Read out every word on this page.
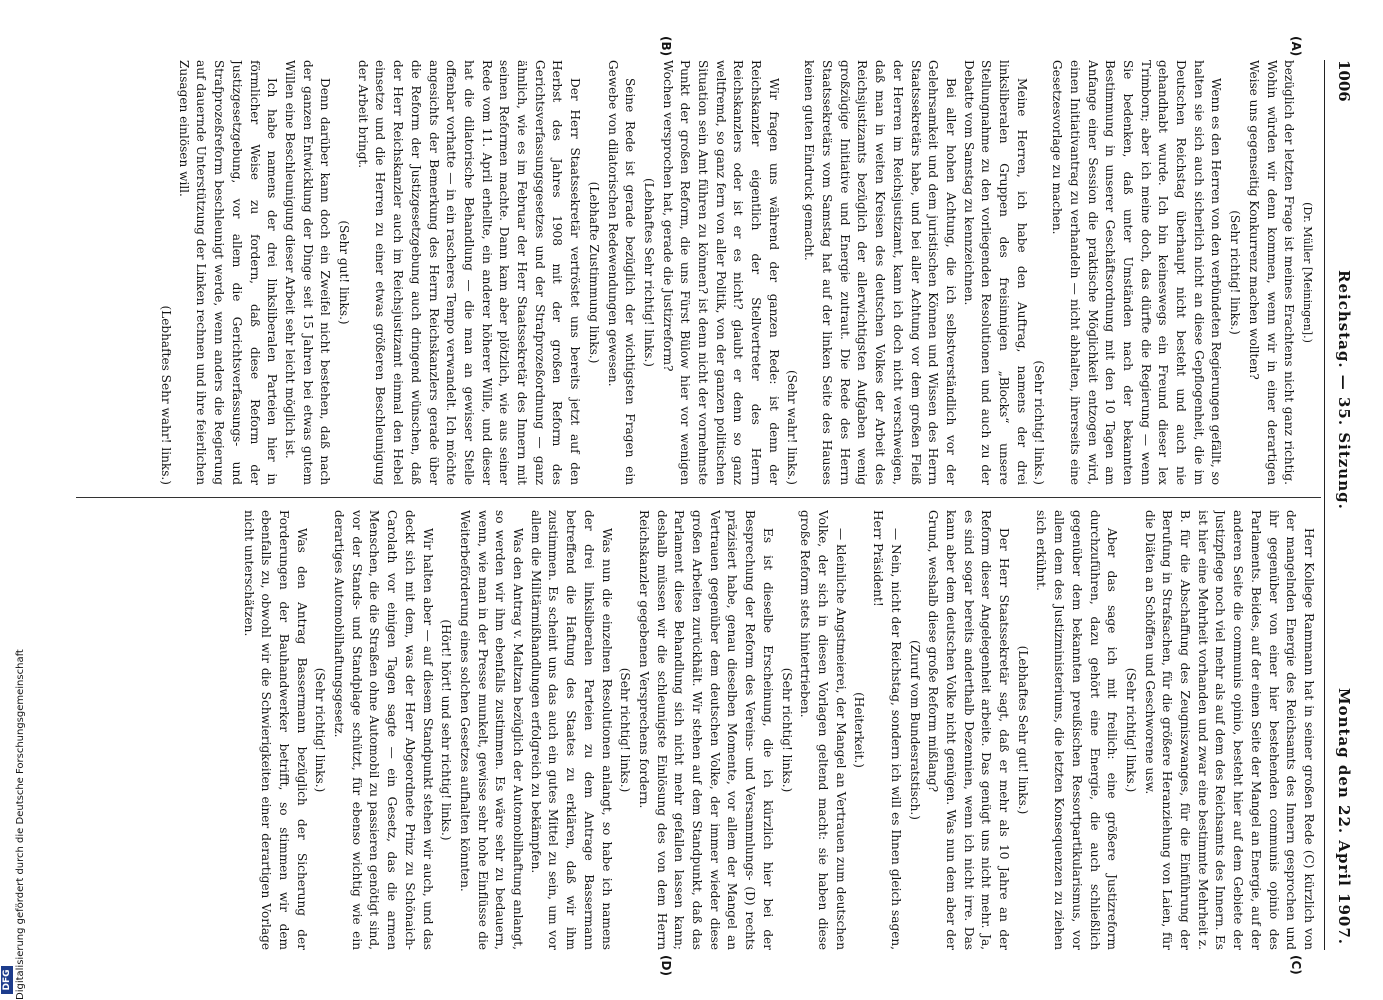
1006
Reichstag. — 35. Sitzung.
Montag den 22. April 1907.
(A)
(B)
(C)
(D)
(Dr. Müller [Meiningen].)

bezüglich der letzten Frage ist meines Erachtens nicht ganz richtig. Wohin würden wir denn kommen, wenn wir in einer derartigen Weise uns gegenseitig Konkurrenz machen wollten?

(Sehr richtig! links.)

Wenn es den Herren von den verbündeten Regierungen gefällt, so halten sie sich auch sicherlich nicht an diese Gepflogenheit, die im Deutschen Reichstag überhaupt nicht besteht und auch nie gehandhabt wurde. Ich bin keineswegs ein Freund dieser lex Trimborn; aber ich meine doch, das dürfte die Regierung — wenn Sie bedenken, daß unter Umständen nach der bekannten Bestimmung in unserer Geschäftsordnung mit den 10 Tagen am Anfange einer Session die praktische Möglichkeit entzogen wird, einen Initiativantrag zu verhandeln — nicht abhalten, ihrerseits eine Gesetzesvorlage zu machen.

(Sehr richtig! links.)

Meine Herren, ich habe den Auftrag, namens der drei linksliberalen Gruppen des freisinnigen „Blocks“ unsere Stellungnahme zu den vorliegenden Resolutionen und auch zu der Debatte vom Samstag zu kennzeichnen.

Bei aller hohen Achtung, die ich selbstverständlich vor der Gelehrsamkeit und dem juristischen Können und Wissen des Herrn Staatssekretärs habe, und bei aller Achtung vor dem großen Fleiß der Herren im Reichsjustizamt, kann ich doch nicht verschweigen, daß man in weiten Kreisen des deutschen Volkes der Arbeit des Reichsjustizamts bezüglich der allerwichtigsten Aufgaben wenig großzügige Initiative und Energie zutraut. Die Rede des Herrn Staatssekretärs vom Samstag hat auf der linken Seite des Hauses keinen guten Eindruck gemacht.

(Sehr wahr! links.)

Wir fragen uns während der ganzen Rede: ist denn der Reichskanzler eigentlich der Stellvertreter des Herrn Reichskanzlers oder ist er es nicht? glaubt er denn so ganz weltfremd, so ganz fern von aller Politik, von der ganzen politischen Situation sein Amt führen zu können? ist denn nicht der vornehmste Punkt der großen Reform, die uns Fürst Bülow hier vor wenigen Wochen versprochen hat, gerade die Justizreform?

(Lebhaftes Sehr richtig! links.)

Seine Rede ist gerade bezüglich der wichtigsten Fragen ein Gewebe von dilatorischen Redewendungen gewesen.

(Lebhafte Zustimmung links.)

Der Herr Staatssekretär vertröstet uns bereits jetzt auf den Herbst des Jahres 1908 mit der großen Reform des Gerichtsverfassungsgesetzes und der Strafprozeßordnung — ganz ähnlich, wie es im Februar der Herr Staatssekretär des Innern mit seinen Reformen machte. Dann kam aber plötzlich, wie aus seiner Rede vom 11. April erhellte, ein anderer höherer Wille, und dieser hat die dilatorische Behandlung — die man an gewisser Stelle offenbar vorhatte — in ein rascheres Tempo verwandelt. Ich möchte angesichts der Bemerkung des Herrn Reichskanzlers gerade über die Reform der Justizgesetzgebung auch dringend wünschen, daß der Herr Reichskanzler auch im Reichsjustizamt einmal den Hebel einsetze und die Herren zu einer etwas größeren Beschleunigung der Arbeit bringt.

(Sehr gut! links.)

Denn darüber kann doch ein Zweifel nicht bestehen, daß nach der ganzen Entwicklung der Dinge seit 15 Jahren bei etwas gutem Willen eine Beschleunigung dieser Arbeit sehr leicht möglich ist.

Ich habe namens der drei linksliberalen Parteien hier in förmlicher Weise zu fordern, daß diese Reform der Justizgesetzgebung, vor allem die Gerichtsverfassungs- und Strafprozeßreform beschleunigt werde, wenn anders die Regierung auf dauernde Unterstützung der Linken rechnen und ihre feierlichen Zusagen einlösen will.

(Lebhaftes Sehr wahr! links.)

Herr Kollege Rammann hat in seiner großen Rede (C) kürzlich von der mangelnden Energie des Reichsamts des Innern gesprochen und ihr gegenüber von einer hier bestehenden communis opinio des Parlaments. Beides, auf der einen Seite der Mangel an Energie, auf der anderen Seite die communis opinio, besteht hier auf dem Gebiete der Justizpflege noch viel mehr als auf dem des Reichsamts des Innern. Es ist hier eine Mehrheit vorhanden und zwar eine bestimmte Mehrheit z. B. für die Abschaffung des Zeugniszwanges, für die Einführung der Berufung in Strafsachen, für die größere Heranziehung von Laien, für die Diäten an Schöffen und Geschworene usw.

(Sehr richtig! links.)

Aber das sage ich mit freilich: eine größere Justizreform durchzuführen, dazu gehört eine Energie, die auch schließlich gegenüber dem bekannten preußischen Ressortpartikularismus, vor allem dem des Justizministeriums, die letzten Konsequenzen zu ziehen sich erkühnt.

(Lebhaftes Sehr gut! links.)

Der Herr Staatssekretär sagt, daß er mehr als 10 Jahre an der Reform dieser Angelegenheit arbeite. Das genügt uns nicht mehr. Ja, es sind sogar bereits anderthalb Dezennien, wenn ich nicht irre. Das kann aber dem deutschen Volke nicht genügen. Was nun dem aber der Grund, weshalb diese große Reform mißlang?

(Zuruf vom Bundesratstisch.)

— Nein, nicht der Reichstag, sondern ich will es Ihnen gleich sagen, Herr Präsident!

(Heiterkeit.)

— kleinliche Angstmeierei, der Mangel an Vertrauen zum deutschen Volke, der sich in diesen Vorlagen geltend macht: sie haben diese große Reform stets hintertrieben.

(Sehr richtig! links.)

Es ist dieselbe Erscheinung, die ich kürzlich hier bei der Besprechung der Reform des Vereins- und Versammlungs- (D) rechts präzisiert habe, genau dieselben Momente, vor allem der Mangel an Vertrauen gegenüber dem deutschen Volke, der immer wieder diese großen Arbeiten zurückhält. Wir stehen auf dem Standpunkt, daß das Parlament diese Behandlung sich nicht mehr gefallen lassen kann; deshalb müssen wir die schleunigste Einlösung des von dem Herrn Reichskanzler gegebenen Versprechens fordern.

(Sehr richtig! links.)

Was nun die einzelnen Resolutionen anlangt, so habe ich namens der drei linksliberalen Parteien zu dem Antrage Bassermann betreffend die Haftung des Staates zu erklären, daß wir ihm zustimmen. Es scheint uns das auch ein gutes Mittel zu sein, um vor allem die Militärmißhandlungen erfolgreich zu bekämpfen.

Was den Antrag v. Maltzan bezüglich der Automobilhaftung anlangt, so werden wir ihm ebenfalls zustimmen. Es wäre sehr zu bedauern, wenn, wie man in der Presse munkelt, gewisse sehr hohe Einflüsse die Weiterbeförderung eines solchen Gesetzes aufhalten könnten.

(Hört! hört! und sehr richtig! links.)

Wir halten aber — auf diesem Standpunkt stehen wir auch, und das deckt sich mit dem, was der Herr Abgeordnete Prinz zu Schönaich-Carolath vor einigen Tagen sagte — ein Gesetz, das die armen Menschen, die die Straßen ohne Automobil zu passieren genötigt sind, vor der Stands- und Standplage schützt, für ebenso wichtig wie ein derartiges Automobilhaftungsgesetz.

(Sehr richtig! links.)

Was den Antrag Bassermann bezüglich der Sicherung der Forderungen der Bauhandwerker betrifft, so stimmen wir dem ebenfalls zu, obwohl wir die Schwierigkeiten einer derartigen Vorlage nicht unterschätzen.

Digitalisierung gefördert durch die Deutsche Forschungsgemeinschaft
DFG
